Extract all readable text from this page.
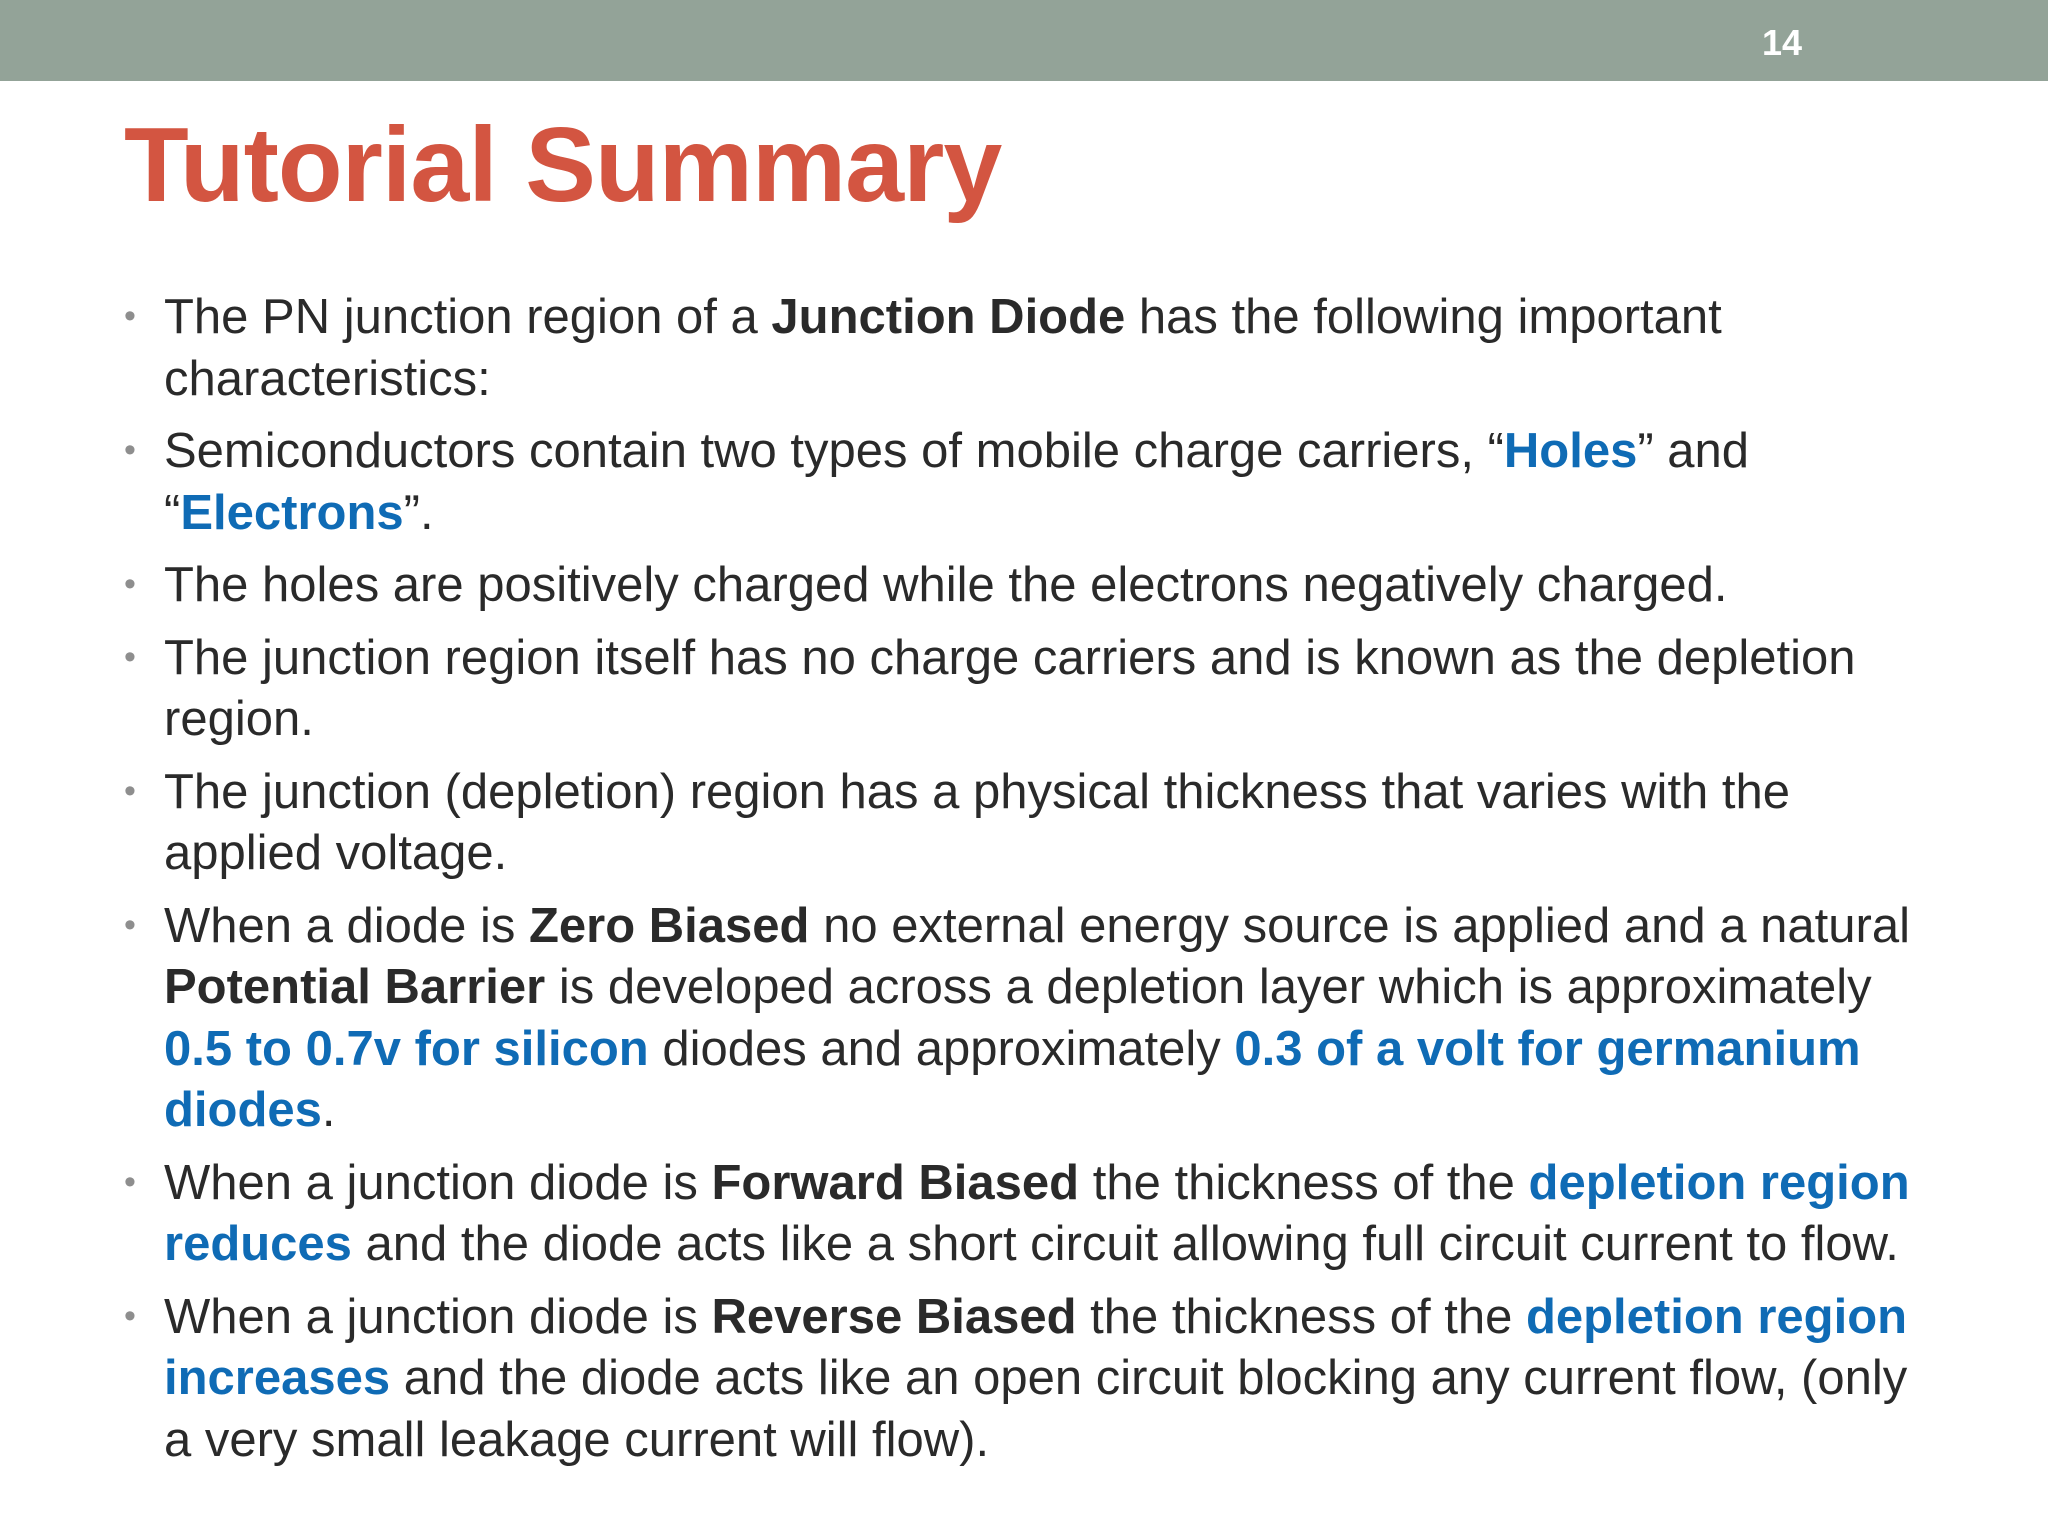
14
Tutorial Summary
• The PN junction region of a Junction Diode has the following important characteristics:
• Semiconductors contain two types of mobile charge carriers, “Holes” and “Electrons”.
• The holes are positively charged while the electrons negatively charged.
• The junction region itself has no charge carriers and is known as the depletion region.
• The junction (depletion) region has a physical thickness that varies with the applied voltage.
• When a diode is Zero Biased no external energy source is applied and a natural Potential Barrier is developed across a depletion layer which is approximately 0.5 to 0.7v for silicon diodes and approximately 0.3 of a volt for germanium diodes.
• When a junction diode is Forward Biased the thickness of the depletion region reduces and the diode acts like a short circuit allowing full circuit current to flow.
• When a junction diode is Reverse Biased the thickness of the depletion region increases and the diode acts like an open circuit blocking any current flow, (only a very small leakage current will flow).
